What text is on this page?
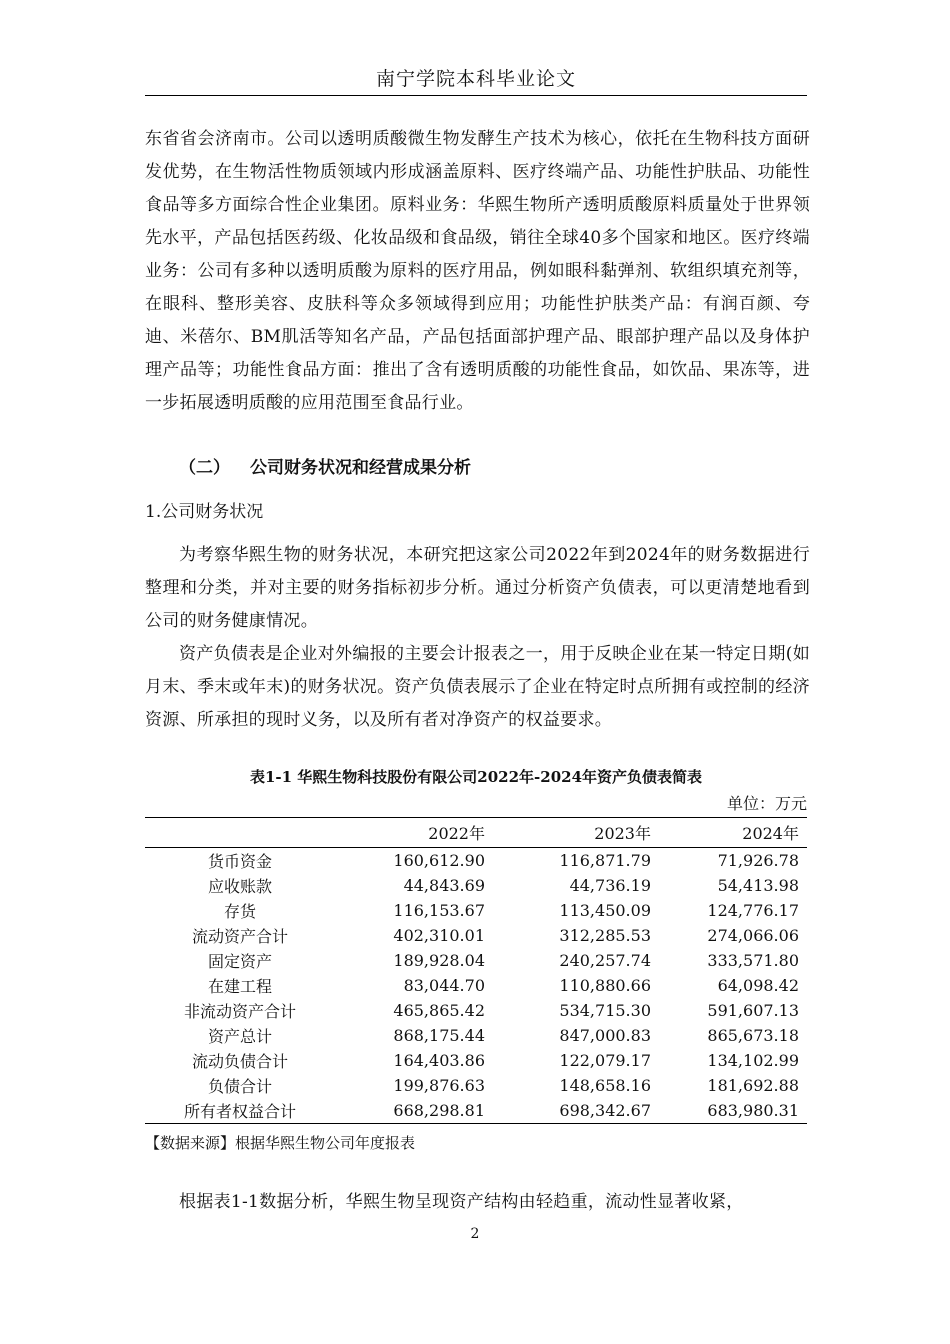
南宁学院本科毕业论文

东省省会济南市。公司以透明质酸微生物发酵生产技术为核心，依托在生物科技方面研发优势，在生物活性物质领域内形成涵盖原料、医疗终端产品、功能性护肤品、功能性食品等多方面综合性企业集团。原料业务：华熙生物所产透明质酸原料质量处于世界领先水平，产品包括医药级、化妆品级和食品级，销往全球40多个国家和地区。医疗终端业务：公司有多种以透明质酸为原料的医疗用品，例如眼科黏弹剂、软组织填充剂等，在眼科、整形美容、皮肤科等众多领域得到应用；功能性护肤类产品：有润百颜、夸迪、米蓓尔、BM肌活等知名产品，产品包括面部护理产品、眼部护理产品以及身体护理产品等；功能性食品方面：推出了含有透明质酸的功能性食品，如饮品、果冻等，进一步拓展透明质酸的应用范围至食品行业。

（二） 公司财务状况和经营成果分析
1.公司财务状况

为考察华熙生物的财务状况，本研究把这家公司2022年到2024年的财务数据进行整理和分类，并对主要的财务指标初步分析。通过分析资产负债表，可以更清楚地看到公司的财务健康情况。

资产负债表是企业对外编报的主要会计报表之一，用于反映企业在某一特定日期(如月末、季末或年末)的财务状况。资产负债表展示了企业在特定时点所拥有或控制的经济资源、所承担的现时义务，以及所有者对净资产的权益要求。

表1-1 华熙生物科技股份有限公司2022年-2024年资产负债表简表
单位：万元
	2022年	2023年	2024年
货币资金	160,612.90	116,871.79	71,926.78
应收账款	44,843.69	44,736.19	54,413.98
存货	116,153.67	113,450.09	124,776.17
流动资产合计	402,310.01	312,285.53	274,066.06
固定资产	189,928.04	240,257.74	333,571.80
在建工程	83,044.70	110,880.66	64,098.42
非流动资产合计	465,865.42	534,715.30	591,607.13
资产总计	868,175.44	847,000.83	865,673.18
流动负债合计	164,403.86	122,079.17	134,102.99
负债合计	199,876.63	148,658.16	181,692.88
所有者权益合计	668,298.81	698,342.67	683,980.31
【数据来源】根据华熙生物公司年度报表

根据表1-1数据分析，华熙生物呈现资产结构由轻趋重，流动性显著收紧，

2
